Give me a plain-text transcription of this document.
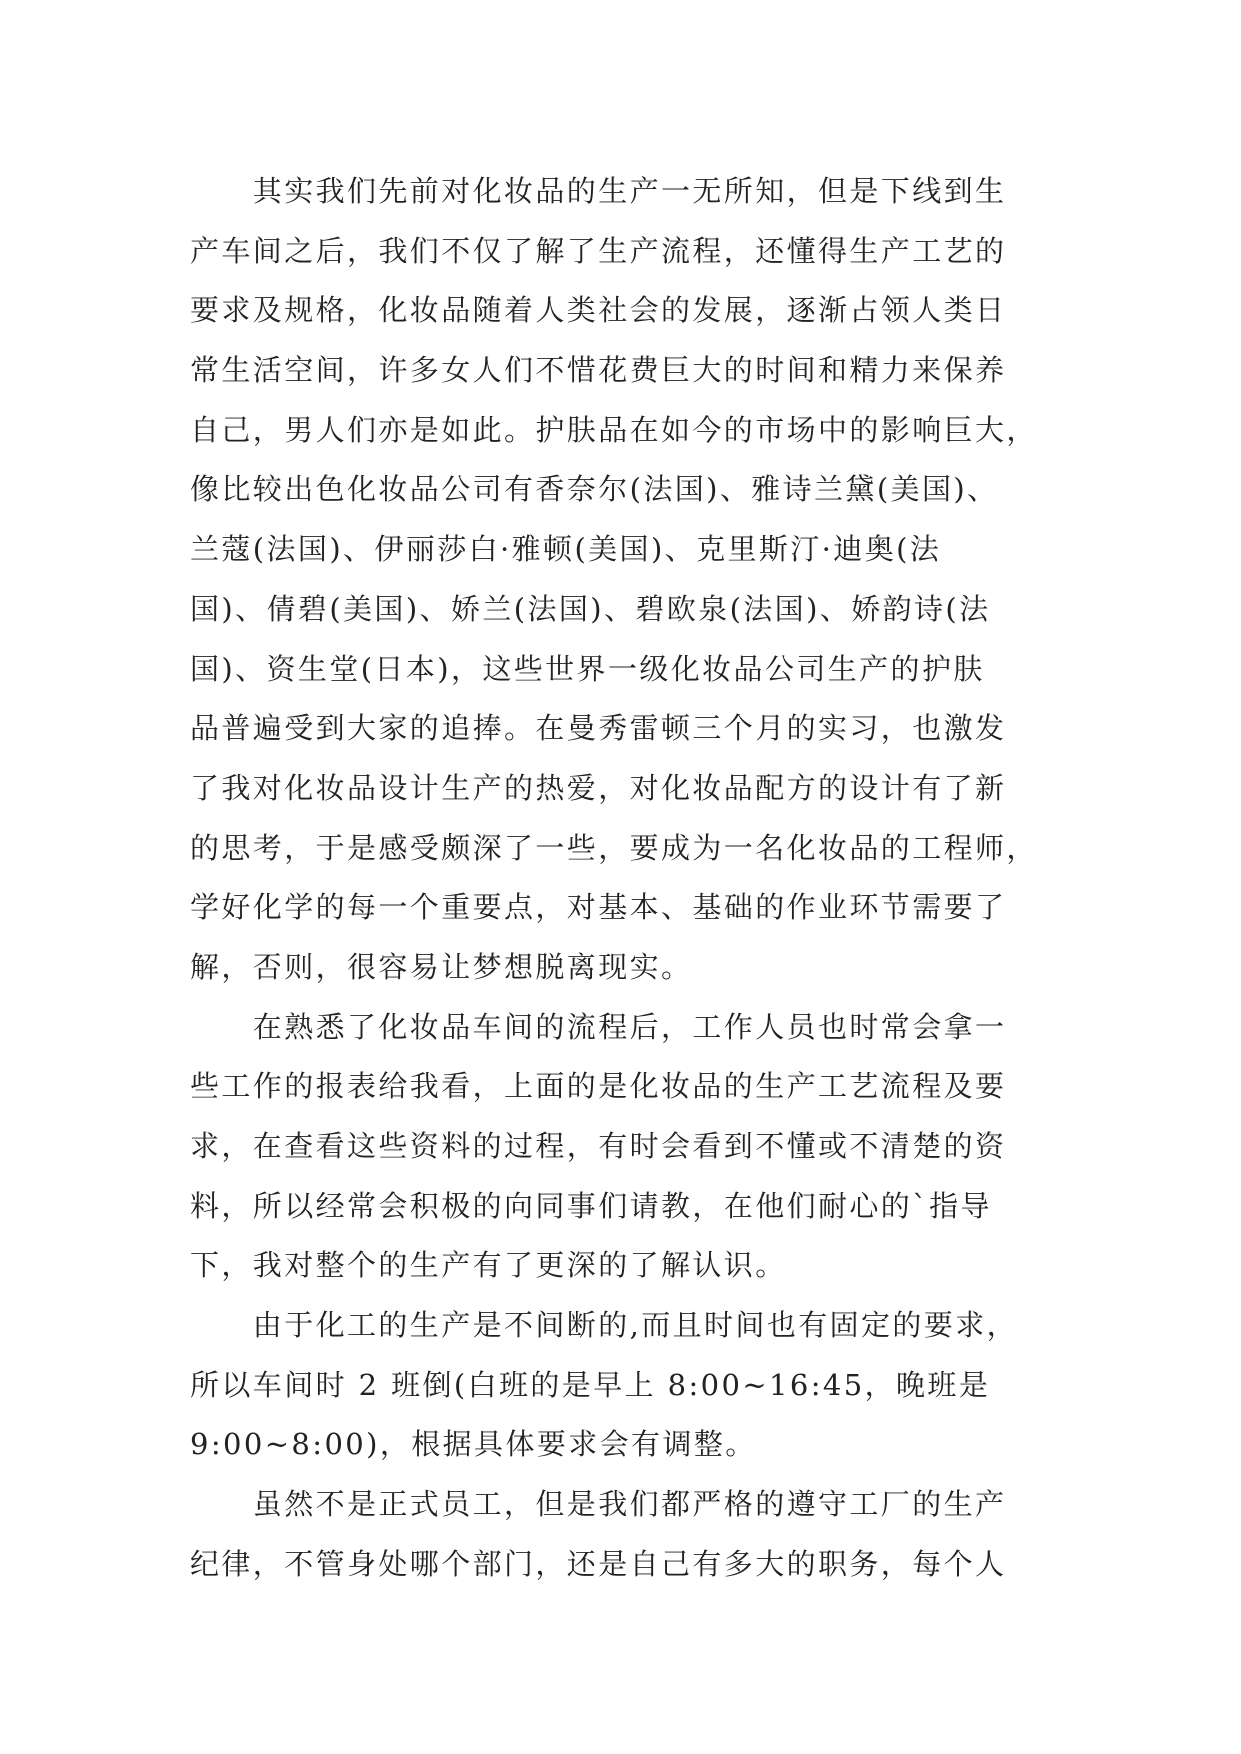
　　其实我们先前对化妆品的生产一无所知，但是下线到生
产车间之后，我们不仅了解了生产流程，还懂得生产工艺的
要求及规格，化妆品随着人类社会的发展，逐渐占领人类日
常生活空间，许多女人们不惜花费巨大的时间和精力来保养
自己，男人们亦是如此。护肤品在如今的市场中的影响巨大，
像比较出色化妆品公司有香奈尔(法国)、雅诗兰黛(美国)、
兰蔻(法国)、伊丽莎白·雅顿(美国)、克里斯汀·迪奥(法
国)、倩碧(美国)、娇兰(法国)、碧欧泉(法国)、娇韵诗(法
国)、资生堂(日本)，这些世界一级化妆品公司生产的护肤
品普遍受到大家的追捧。在曼秀雷顿三个月的实习，也激发
了我对化妆品设计生产的热爱，对化妆品配方的设计有了新
的思考，于是感受颇深了一些，要成为一名化妆品的工程师，
学好化学的每一个重要点，对基本、基础的作业环节需要了
解，否则，很容易让梦想脱离现实。
　　在熟悉了化妆品车间的流程后，工作人员也时常会拿一
些工作的报表给我看，上面的是化妆品的生产工艺流程及要
求，在查看这些资料的过程，有时会看到不懂或不清楚的资
料，所以经常会积极的向同事们请教，在他们耐心的`指导
下，我对整个的生产有了更深的了解认识。
　　由于化工的生产是不间断的,而且时间也有固定的要求，
所以车间时 2 班倒(白班的是早上 8:00~16:45，晚班是
9:00~8:00)，根据具体要求会有调整。
　　虽然不是正式员工，但是我们都严格的遵守工厂的生产
纪律，不管身处哪个部门，还是自己有多大的职务，每个人
